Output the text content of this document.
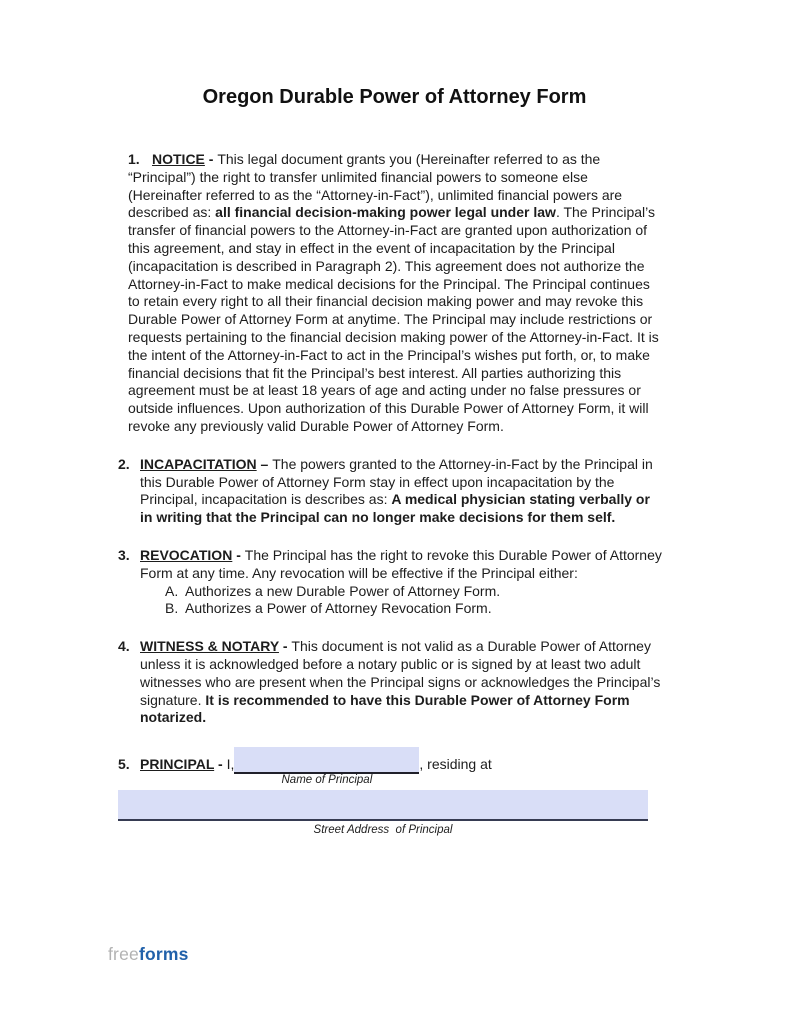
Oregon Durable Power of Attorney Form
1. NOTICE - This legal document grants you (Hereinafter referred to as the “Principal”) the right to transfer unlimited financial powers to someone else (Hereinafter referred to as the “Attorney-in-Fact”), unlimited financial powers are described as: all financial decision-making power legal under law. The Principal’s transfer of financial powers to the Attorney-in-Fact are granted upon authorization of this agreement, and stay in effect in the event of incapacitation by the Principal (incapacitation is described in Paragraph 2). This agreement does not authorize the Attorney-in-Fact to make medical decisions for the Principal. The Principal continues to retain every right to all their financial decision making power and may revoke this Durable Power of Attorney Form at anytime. The Principal may include restrictions or requests pertaining to the financial decision making power of the Attorney-in-Fact. It is the intent of the Attorney-in-Fact to act in the Principal’s wishes put forth, or, to make financial decisions that fit the Principal’s best interest. All parties authorizing this agreement must be at least 18 years of age and acting under no false pressures or outside influences. Upon authorization of this Durable Power of Attorney Form, it will revoke any previously valid Durable Power of Attorney Form.
2. INCAPACITATION – The powers granted to the Attorney-in-Fact by the Principal in this Durable Power of Attorney Form stay in effect upon incapacitation by the Principal, incapacitation is describes as: A medical physician stating verbally or in writing that the Principal can no longer make decisions for them self.
3. REVOCATION - The Principal has the right to revoke this Durable Power of Attorney Form at any time. Any revocation will be effective if the Principal either:
A. Authorizes a new Durable Power of Attorney Form.
B. Authorizes a Power of Attorney Revocation Form.
4. WITNESS & NOTARY - This document is not valid as a Durable Power of Attorney unless it is acknowledged before a notary public or is signed by at least two adult witnesses who are present when the Principal signs or acknowledges the Principal’s signature. It is recommended to have this Durable Power of Attorney Form notarized.
5. PRINCIPAL - I,
Name of Principal
, residing at
Street Address  of Principal
freeforms
